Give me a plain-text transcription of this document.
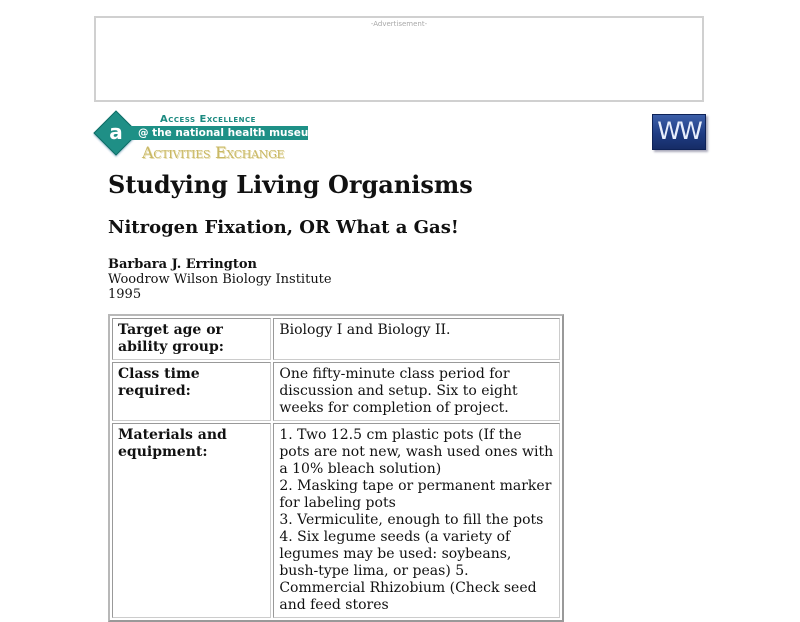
-Advertisement-
a
Access Excellence
@ the national health museum
Activities Exchange
WW
Studying Living Organisms
Nitrogen Fixation, OR What a Gas!
Barbara J. Errington
Woodrow Wilson Biology Institute
1995
Target age or ability group:	Biology I and Biology II.
Class time required:	One fifty-minute class period for discussion and setup. Six to eight weeks for completion of project.
Materials and equipment:	1. Two 12.5 cm plastic pots (If the pots are not new, wash used ones with a 10% bleach solution)
2. Masking tape or permanent marker for labeling pots
3. Vermiculite, enough to fill the pots
4. Six legume seeds (a variety of legumes may be used: soybeans, bush-type lima, or peas) 5. Commercial Rhizobium (Check seed and feed stores
